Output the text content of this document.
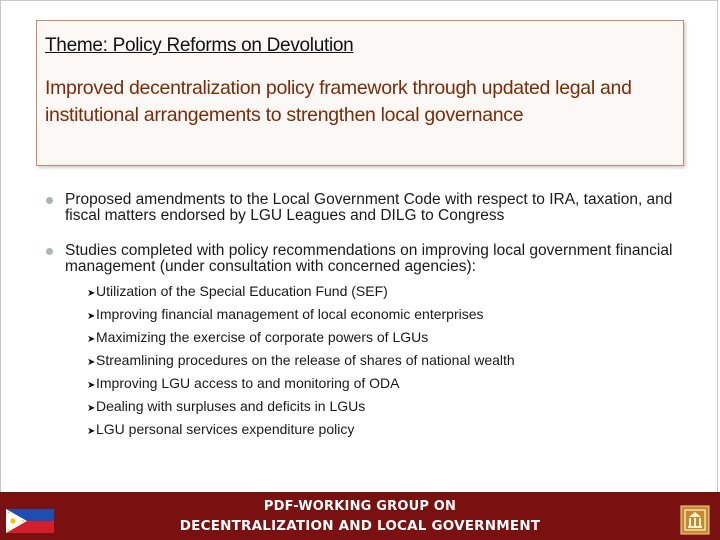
Theme: Policy Reforms on Devolution

Improved decentralization policy framework through updated legal and institutional arrangements to strengthen local governance

Proposed amendments to the Local Government Code with respect to IRA, taxation, and fiscal matters endorsed by LGU Leagues and DILG to Congress
Studies completed with policy recommendations on improving local government financial management (under consultation with concerned agencies):
➤Utilization of the Special Education Fund (SEF)
➤Improving financial management of local economic enterprises
➤Maximizing the exercise of corporate powers of LGUs
➤Streamlining procedures on the release of shares of national wealth
➤Improving LGU access to and monitoring of ODA
➤Dealing with surpluses and deficits in LGUs
➤LGU personal services expenditure policy

PDF-WORKING GROUP ON

DECENTRALIZATION AND LOCAL GOVERNMENT
